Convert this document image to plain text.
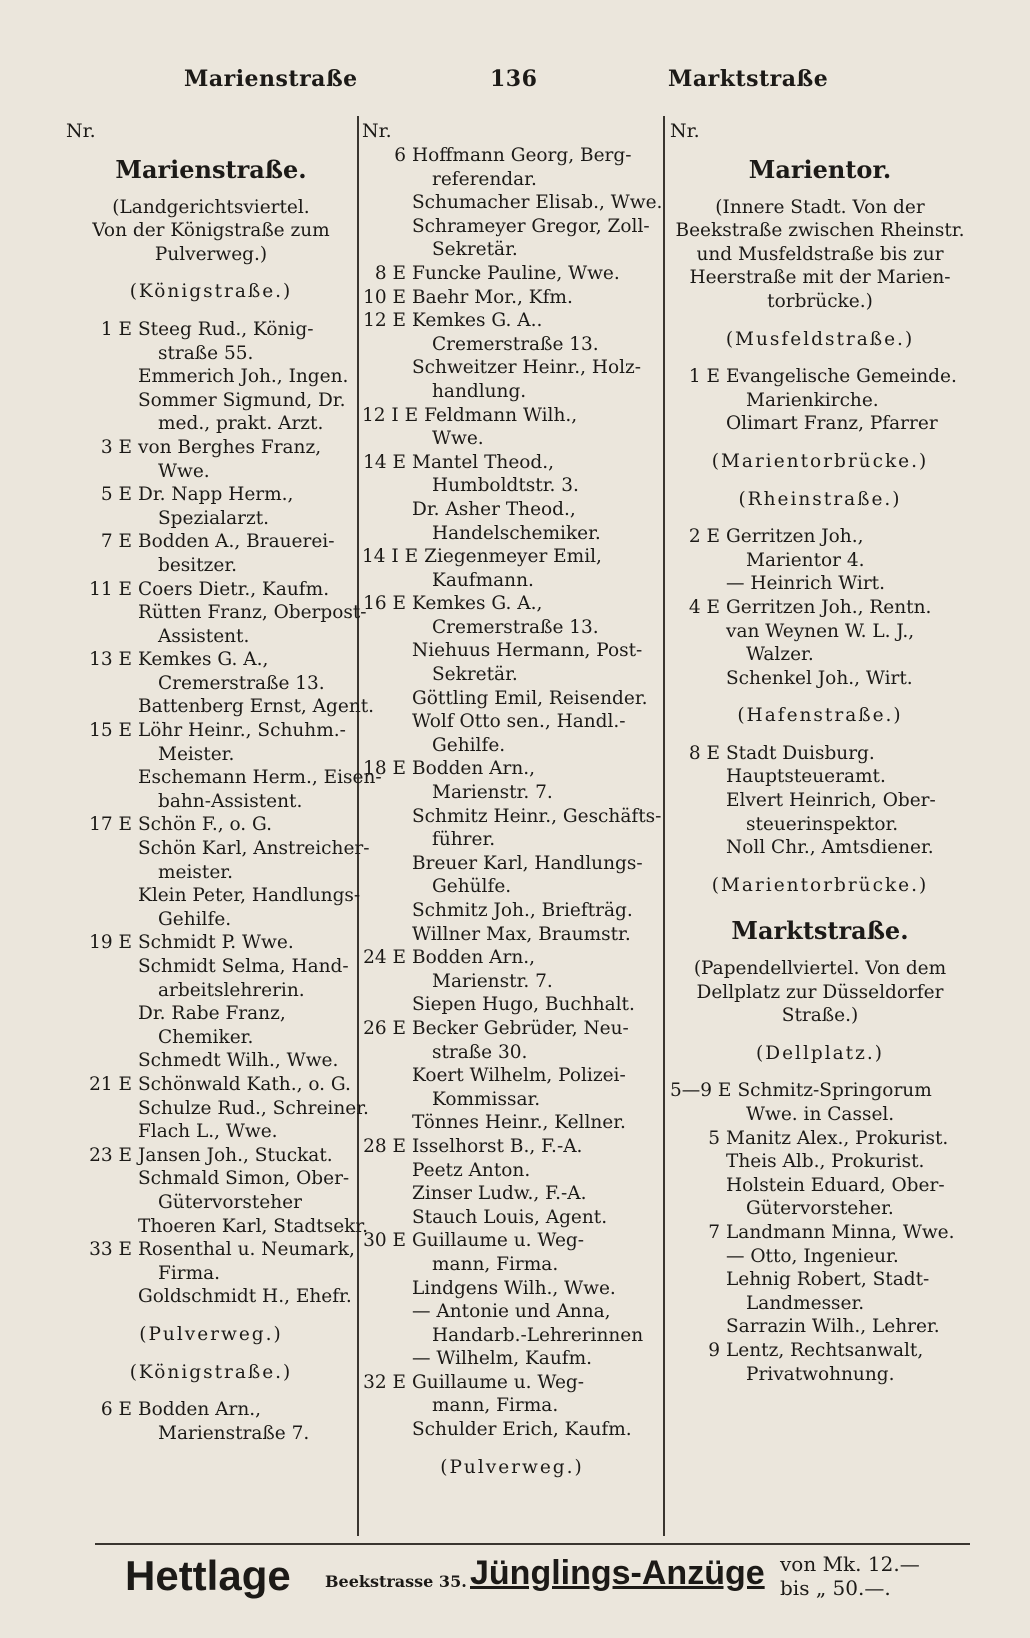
Marienstraße	136	Marktstraße
Nr.	Nr.	Nr.
Marienstraße.
(Landgerichtsviertel.
Von der Königstraße zum
Pulverweg.)
(Königstraße.)
1 E Steeg Rud., König-
straße 55.
Emmerich Joh., Ingen.
Sommer Sigmund, Dr.
med., prakt. Arzt.
3 E von Berghes Franz,
Wwe.
5 E Dr. Napp Herm.,
Spezialarzt.
7 E Bodden A., Brauerei-
besitzer.
11 E Coers Dietr., Kaufm.
Rütten Franz, Oberpost-
Assistent.
13 E Kemkes G. A.,
Cremerstraße 13.
Battenberg Ernst, Agent.
15 E Löhr Heinr., Schuhm.-
Meister.
Eschemann Herm., Eisen-
bahn-Assistent.
17 E Schön F., o. G.
Schön Karl, Anstreicher-
meister.
Klein Peter, Handlungs-
Gehilfe.
19 E Schmidt P. Wwe.
Schmidt Selma, Hand-
arbeitslehrerin.
Dr. Rabe Franz,
Chemiker.
Schmedt Wilh., Wwe.
21 E Schönwald Kath., o. G.
Schulze Rud., Schreiner.
Flach L., Wwe.
23 E Jansen Joh., Stuckat.
Schmald Simon, Ober-
Gütervorsteher
Thoeren Karl, Stadtsekr.
33 E Rosenthal u. Neumark,
Firma.
Goldschmidt H., Ehefr.
(Pulverweg.)
(Königstraße.)
6 E Bodden Arn.,
Marienstraße 7.
6 Hoffmann Georg, Berg-
referendar.
Schumacher Elisab., Wwe.
Schrameyer Gregor, Zoll-
Sekretär.
8 E Funcke Pauline, Wwe.
10 E Baehr Mor., Kfm.
12 E Kemkes G. A..
Cremerstraße 13.
Schweitzer Heinr., Holz-
handlung.
12 I E Feldmann Wilh.,
Wwe.
14 E Mantel Theod.,
Humboldtstr. 3.
Dr. Asher Theod.,
Handelschemiker.
14 I E Ziegenmeyer Emil,
Kaufmann.
16 E Kemkes G. A.,
Cremerstraße 13.
Niehuus Hermann, Post-
Sekretär.
Göttling Emil, Reisender.
Wolf Otto sen., Handl.-
Gehilfe.
18 E Bodden Arn.,
Marienstr. 7.
Schmitz Heinr., Geschäfts-
führer.
Breuer Karl, Handlungs-
Gehülfe.
Schmitz Joh., Briefträg.
Willner Max, Braumstr.
24 E Bodden Arn.,
Marienstr. 7.
Siepen Hugo, Buchhalt.
26 E Becker Gebrüder, Neu-
straße 30.
Koert Wilhelm, Polizei-
Kommissar.
Tönnes Heinr., Kellner.
28 E Isselhorst B., F.-A.
Peetz Anton.
Zinser Ludw., F.-A.
Stauch Louis, Agent.
30 E Guillaume u. Weg-
mann, Firma.
Lindgens Wilh., Wwe.
— Antonie und Anna,
Handarb.-Lehrerinnen
— Wilhelm, Kaufm.
32 E Guillaume u. Weg-
mann, Firma.
Schulder Erich, Kaufm.
(Pulverweg.)
Marientor.
(Innere Stadt. Von der
Beekstraße zwischen Rheinstr.
und Musfeldstraße bis zur
Heerstraße mit der Marien-
torbrücke.)
(Musfeldstraße.)
1 E Evangelische Gemeinde.
Marienkirche.
Olimart Franz, Pfarrer
(Marientorbrücke.)
(Rheinstraße.)
2 E Gerritzen Joh.,
Marientor 4.
— Heinrich Wirt.
4 E Gerritzen Joh., Rentn.
van Weynen W. L. J.,
Walzer.
Schenkel Joh., Wirt.
(Hafenstraße.)
8 E Stadt Duisburg.
Hauptsteueramt.
Elvert Heinrich, Ober-
steuerinspektor.
Noll Chr., Amtsdiener.
(Marientorbrücke.)
Marktstraße.
(Papendellviertel. Von dem
Dellplatz zur Düsseldorfer
Straße.)
(Dellplatz.)
5—9 E Schmitz-Springorum
Wwe. in Cassel.
5 Manitz Alex., Prokurist.
Theis Alb., Prokurist.
Holstein Eduard, Ober-
Gütervorsteher.
7 Landmann Minna, Wwe.
— Otto, Ingenieur.
Lehnig Robert, Stadt-
Landmesser.
Sarrazin Wilh., Lehrer.
9 Lentz, Rechtsanwalt,
Privatwohnung.
Hettlage Beekstrasse 35. Jünglings-Anzüge von Mk. 12.—
bis „ 50.—.
